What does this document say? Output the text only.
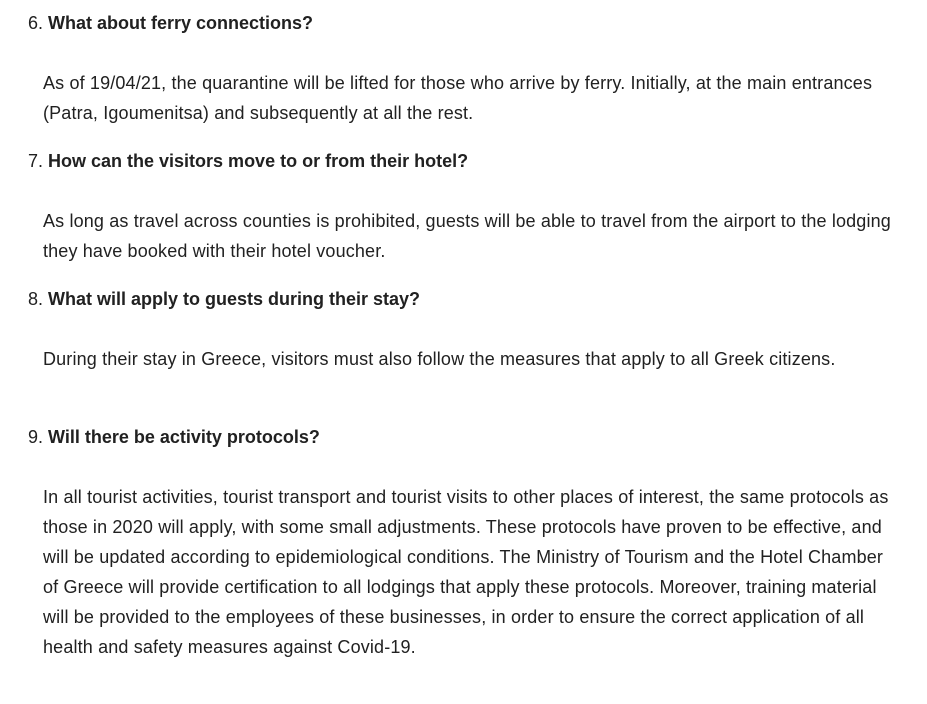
6. What about ferry connections?

As of 19/04/21, the quarantine will be lifted for those who arrive by ferry. Initially, at the main entrances (Patra, Igoumenitsa) and subsequently at all the rest.

7. How can the visitors move to or from their hotel?

As long as travel across counties is prohibited, guests will be able to travel from the airport to the lodging they have booked with their hotel voucher.

8. What will apply to guests during their stay?

During their stay in Greece, visitors must also follow the measures that apply to all Greek citizens.

9. Will there be activity protocols?

In all tourist activities, tourist transport and tourist visits to other places of interest, the same protocols as those in 2020 will apply, with some small adjustments. These protocols have proven to be effective, and will be updated according to epidemiological conditions. The Ministry of Tourism and the Hotel Chamber of Greece will provide certification to all lodgings that apply these protocols. Moreover, training material will be provided to the employees of these businesses, in order to ensure the correct application of all health and safety measures against Covid-19.
